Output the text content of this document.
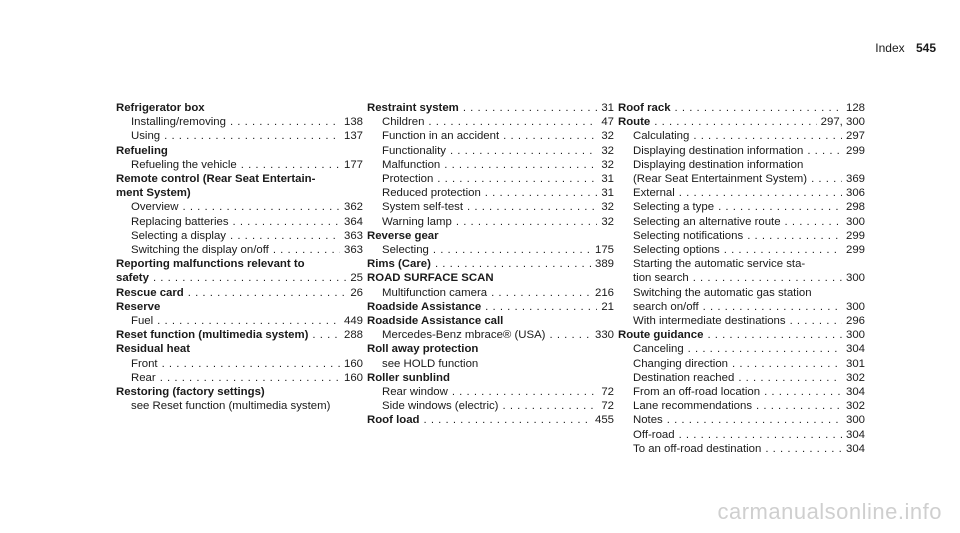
Index 545
Refrigerator box
Installing/removing . . .	138
Using . . .	137
Refueling
Refueling the vehicle . . .	177
Remote control (Rear Seat Entertain-
ment System)
Overview . . .	362
Replacing batteries . . .	364
Selecting a display . . .	363
Switching the display on/off . . .	363
Reporting malfunctions relevant to
safety . . .	25
Rescue card . . .	26
Reserve
Fuel . . .	449
Reset function (multimedia system) . . .	288
Residual heat
Front . . .	160
Rear . . .	160
Restoring (factory settings)
see Reset function (multimedia system)
Restraint system . . .	31
Children . . .	47
Function in an accident . . .	32
Functionality . . .	32
Malfunction . . .	32
Protection . . .	31
Reduced protection . . .	31
System self-test . . .	32
Warning lamp . . .	32
Reverse gear
Selecting . . .	175
Rims (Care) . . .	389
ROAD SURFACE SCAN
Multifunction camera . . .	216
Roadside Assistance . . .	21
Roadside Assistance call
Mercedes-Benz mbrace® (USA) . . .	330
Roll away protection
see HOLD function
Roller sunblind
Rear window . . .	72
Side windows (electric) . . .	72
Roof load . . .	455
Roof rack . . .	128
Route . . .	297, 300
Calculating . . .	297
Displaying destination information . . .	299
Displaying destination information
(Rear Seat Entertainment System) . . .	369
External . . .	306
Selecting a type . . .	298
Selecting an alternative route . . .	300
Selecting notifications . . .	299
Selecting options . . .	299
Starting the automatic service sta-
tion search . . .	300
Switching the automatic gas station
search on/off . . .	300
With intermediate destinations . . .	296
Route guidance . . .	300
Canceling . . .	304
Changing direction . . .	301
Destination reached . . .	302
From an off-road location . . .	304
Lane recommendations . . .	302
Notes . . .	300
Off-road . . .	304
To an off-road destination . . .	304
carmanualsonline.info
